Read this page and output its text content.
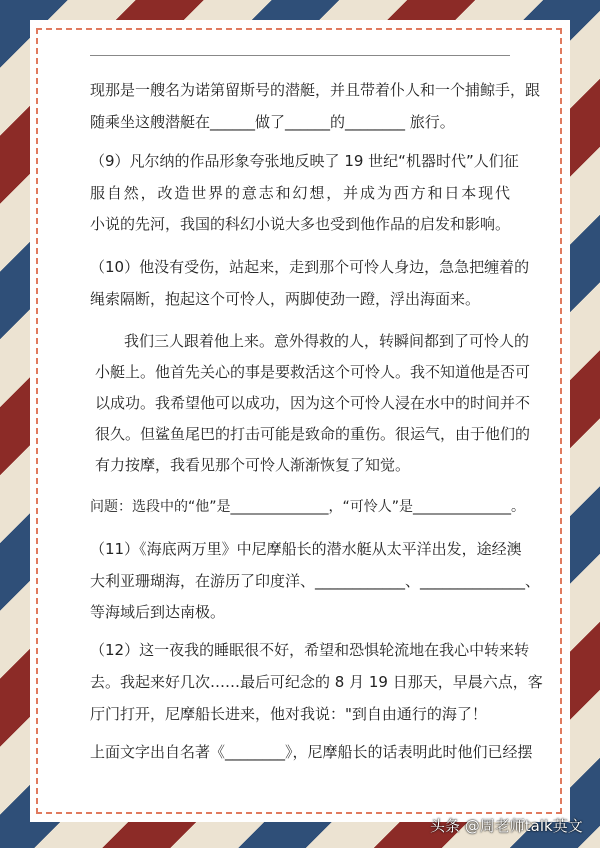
现那是一艘名为诺第留斯号的潜艇，并且带着仆人和一个捕鲸手，跟
随乘坐这艘潜艇在______做了______的________ 旅行。
（9）凡尔纳的作品形象夸张地反映了 19 世纪“机器时代”人们征
服自然，改造世界的意志和幻想，并成为西方和日本现代
小说的先河，我国的科幻小说大多也受到他作品的启发和影响。
（10）他没有受伤，站起来，走到那个可怜人身边，急急把缠着的
绳索隔断，抱起这个可怜人，两脚使劲一蹬，浮出海面来。
我们三人跟着他上来。意外得救的人，转瞬间都到了可怜人的
小艇上。他首先关心的事是要救活这个可怜人。我不知道他是否可
以成功。我希望他可以成功，因为这个可怜人浸在水中的时间并不
很久。但鲨鱼尾巴的打击可能是致命的重伤。很运气，由于他们的
有力按摩，我看见那个可怜人渐渐恢复了知觉。
问题：选段中的“他”是______________，“可怜人”是______________。
（11）《海底两万里》中尼摩船长的潜水艇从太平洋出发，途经澳
大利亚珊瑚海，在游历了印度洋、____________、______________、
等海域后到达南极。
（12）这一夜我的睡眠很不好，希望和恐惧轮流地在我心中转来转
去。我起来好几次……最后可纪念的 8 月 19 日那天，早晨六点，客
厅门打开，尼摩船长进来，他对我说："到自由通行的海了！
上面文字出自名著《________》，尼摩船长的话表明此时他们已经摆
头条 @周老师talk英文
